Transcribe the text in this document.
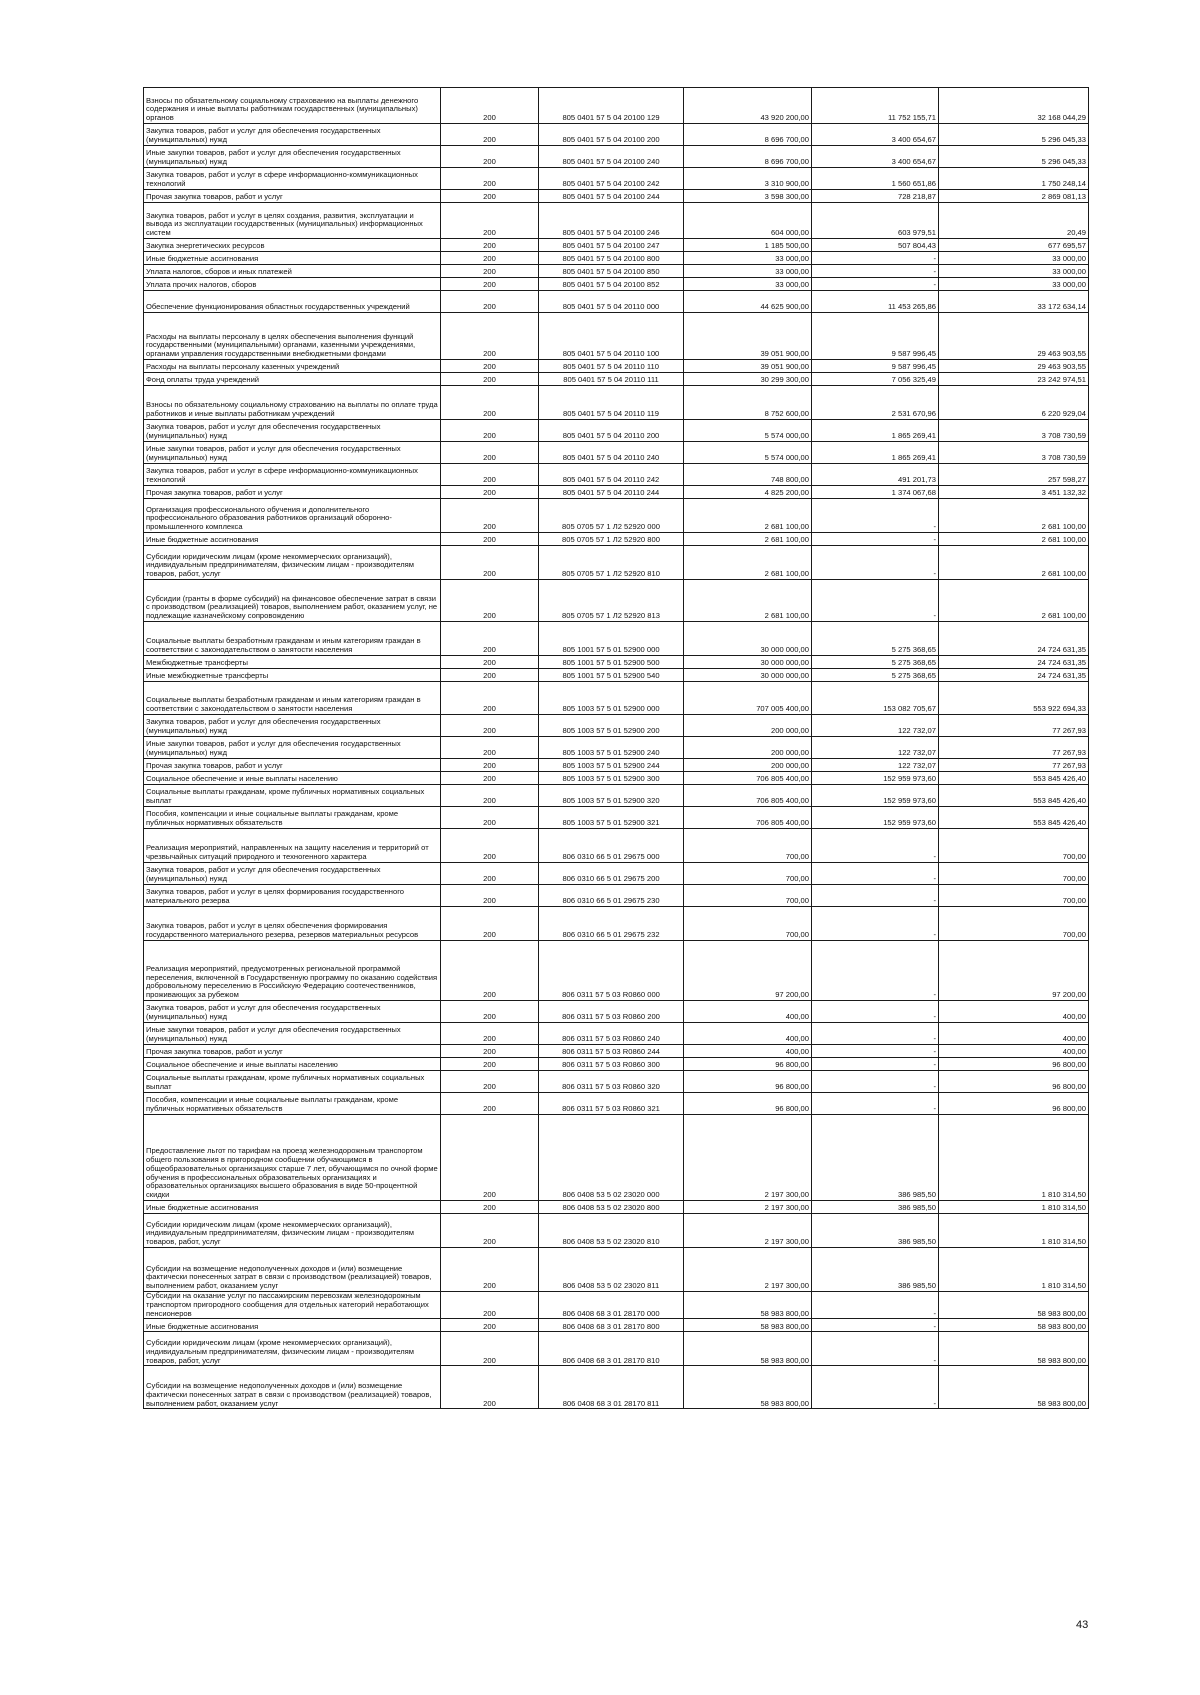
Взносы по обязательному социальному страхованию на выплаты денежного содержания и иные выплаты работникам государственных (муниципальных) органов	200	805 0401 57 5 04 20100 129	43 920 200,00	11 752 155,71	32 168 044,29
Закупка товаров, работ и услуг для обеспечения государственных (муниципальных) нужд	200	805 0401 57 5 04 20100 200	8 696 700,00	3 400 654,67	5 296 045,33
Иные закупки товаров, работ и услуг для обеспечения государственных (муниципальных) нужд	200	805 0401 57 5 04 20100 240	8 696 700,00	3 400 654,67	5 296 045,33
Закупка товаров, работ и услуг в сфере информационно-коммуникационных технологий	200	805 0401 57 5 04 20100 242	3 310 900,00	1 560 651,86	1 750 248,14
Прочая закупка товаров, работ и услуг	200	805 0401 57 5 04 20100 244	3 598 300,00	728 218,87	2 869 081,13
Закупка товаров, работ и услуг в целях создания, развития, эксплуатации и вывода из эксплуатации государственных (муниципальных) информационных систем	200	805 0401 57 5 04 20100 246	604 000,00	603 979,51	20,49
Закупка энергетических ресурсов	200	805 0401 57 5 04 20100 247	1 185 500,00	507 804,43	677 695,57
Иные бюджетные ассигнования	200	805 0401 57 5 04 20100 800	33 000,00	-	33 000,00
Уплата налогов, сборов и иных платежей	200	805 0401 57 5 04 20100 850	33 000,00	-	33 000,00
Уплата прочих налогов, сборов	200	805 0401 57 5 04 20100 852	33 000,00	-	33 000,00
Обеспечение функционирования областных государственных учреждений	200	805 0401 57 5 04 20110 000	44 625 900,00	11 453 265,86	33 172 634,14
Расходы на выплаты персоналу в целях обеспечения выполнения функций государственными (муниципальными) органами, казенными учреждениями, органами управления государственными внебюджетными фондами	200	805 0401 57 5 04 20110 100	39 051 900,00	9 587 996,45	29 463 903,55
Расходы на выплаты персоналу казенных учреждений	200	805 0401 57 5 04 20110 110	39 051 900,00	9 587 996,45	29 463 903,55
Фонд оплаты труда учреждений	200	805 0401 57 5 04 20110 111	30 299 300,00	7 056 325,49	23 242 974,51
Взносы по обязательному социальному страхованию на выплаты по оплате труда работников и иные выплаты работникам учреждений	200	805 0401 57 5 04 20110 119	8 752 600,00	2 531 670,96	6 220 929,04
Закупка товаров, работ и услуг для обеспечения государственных (муниципальных) нужд	200	805 0401 57 5 04 20110 200	5 574 000,00	1 865 269,41	3 708 730,59
Иные закупки товаров, работ и услуг для обеспечения государственных (муниципальных) нужд	200	805 0401 57 5 04 20110 240	5 574 000,00	1 865 269,41	3 708 730,59
Закупка товаров, работ и услуг в сфере информационно-коммуникационных технологий	200	805 0401 57 5 04 20110 242	748 800,00	491 201,73	257 598,27
Прочая закупка товаров, работ и услуг	200	805 0401 57 5 04 20110 244	4 825 200,00	1 374 067,68	3 451 132,32
Организация профессионального обучения и дополнительного профессионального образования работников организаций оборонно-промышленного комплекса	200	805 0705 57 1 Л2 52920 000	2 681 100,00	-	2 681 100,00
Иные бюджетные ассигнования	200	805 0705 57 1 Л2 52920 800	2 681 100,00	-	2 681 100,00
Субсидии юридическим лицам (кроме некоммерческих организаций), индивидуальным предпринимателям, физическим лицам - производителям товаров, работ, услуг	200	805 0705 57 1 Л2 52920 810	2 681 100,00	-	2 681 100,00
Субсидии (гранты в форме субсидий) на финансовое обеспечение затрат в связи с производством (реализацией) товаров, выполнением работ, оказанием услуг, не подлежащие казначейскому сопровождению	200	805 0705 57 1 Л2 52920 813	2 681 100,00	-	2 681 100,00
Социальные выплаты безработным гражданам и иным категориям граждан в соответствии с законодательством о занятости населения	200	805 1001 57 5 01 52900 000	30 000 000,00	5 275 368,65	24 724 631,35
Межбюджетные трансферты	200	805 1001 57 5 01 52900 500	30 000 000,00	5 275 368,65	24 724 631,35
Иные межбюджетные трансферты	200	805 1001 57 5 01 52900 540	30 000 000,00	5 275 368,65	24 724 631,35
Социальные выплаты безработным гражданам и иным категориям граждан в соответствии с законодательством о занятости населения	200	805 1003 57 5 01 52900 000	707 005 400,00	153 082 705,67	553 922 694,33
Закупка товаров, работ и услуг для обеспечения государственных (муниципальных) нужд	200	805 1003 57 5 01 52900 200	200 000,00	122 732,07	77 267,93
Иные закупки товаров, работ и услуг для обеспечения государственных (муниципальных) нужд	200	805 1003 57 5 01 52900 240	200 000,00	122 732,07	77 267,93
Прочая закупка товаров, работ и услуг	200	805 1003 57 5 01 52900 244	200 000,00	122 732,07	77 267,93
Социальное обеспечение и иные выплаты населению	200	805 1003 57 5 01 52900 300	706 805 400,00	152 959 973,60	553 845 426,40
Социальные выплаты гражданам, кроме публичных нормативных социальных выплат	200	805 1003 57 5 01 52900 320	706 805 400,00	152 959 973,60	553 845 426,40
Пособия, компенсации и иные социальные выплаты гражданам, кроме публичных нормативных обязательств	200	805 1003 57 5 01 52900 321	706 805 400,00	152 959 973,60	553 845 426,40
Реализация мероприятий, направленных на защиту населения и территорий от чрезвычайных ситуаций природного и техногенного характера	200	806 0310 66 5 01 29675 000	700,00	-	700,00
Закупка товаров, работ и услуг для обеспечения государственных (муниципальных) нужд	200	806 0310 66 5 01 29675 200	700,00	-	700,00
Закупка товаров, работ и услуг в целях формирования государственного материального резерва	200	806 0310 66 5 01 29675 230	700,00	-	700,00
Закупка товаров, работ и услуг в целях обеспечения формирования государственного материального резерва, резервов материальных ресурсов	200	806 0310 66 5 01 29675 232	700,00	-	700,00
Реализация мероприятий, предусмотренных региональной программой переселения, включенной в Государственную программу по оказанию содействия добровольному переселению в Российскую Федерацию соотечественников, проживающих за рубежом	200	806 0311 57 5 03 R0860 000	97 200,00	-	97 200,00
Закупка товаров, работ и услуг для обеспечения государственных (муниципальных) нужд	200	806 0311 57 5 03 R0860 200	400,00	-	400,00
Иные закупки товаров, работ и услуг для обеспечения государственных (муниципальных) нужд	200	806 0311 57 5 03 R0860 240	400,00	-	400,00
Прочая закупка товаров, работ и услуг	200	806 0311 57 5 03 R0860 244	400,00	-	400,00
Социальное обеспечение и иные выплаты населению	200	806 0311 57 5 03 R0860 300	96 800,00	-	96 800,00
Социальные выплаты гражданам, кроме публичных нормативных социальных выплат	200	806 0311 57 5 03 R0860 320	96 800,00	-	96 800,00
Пособия, компенсации и иные социальные выплаты гражданам, кроме публичных нормативных обязательств	200	806 0311 57 5 03 R0860 321	96 800,00	-	96 800,00
Предоставление льгот по тарифам на проезд железнодорожным транспортом общего пользования в пригородном сообщении обучающимся в общеобразовательных организациях старше 7 лет, обучающимся по очной форме обучения в профессиональных образовательных организациях и образовательных организациях высшего образования в виде 50-процентной скидки	200	806 0408 53 5 02 23020 000	2 197 300,00	386 985,50	1 810 314,50
Иные бюджетные ассигнования	200	806 0408 53 5 02 23020 800	2 197 300,00	386 985,50	1 810 314,50
Субсидии юридическим лицам (кроме некоммерческих организаций), индивидуальным предпринимателям, физическим лицам - производителям товаров, работ, услуг	200	806 0408 53 5 02 23020 810	2 197 300,00	386 985,50	1 810 314,50
Субсидии на возмещение недополученных доходов и (или) возмещение фактически понесенных затрат в связи с производством (реализацией) товаров, выполнением работ, оказанием услуг	200	806 0408 53 5 02 23020 811	2 197 300,00	386 985,50	1 810 314,50
Субсидии на оказание услуг по пассажирским перевозкам железнодорожным транспортом пригородного сообщения для отдельных категорий неработающих пенсионеров	200	806 0408 68 3 01 28170 000	58 983 800,00	-	58 983 800,00
Иные бюджетные ассигнования	200	806 0408 68 3 01 28170 800	58 983 800,00	-	58 983 800,00
Субсидии юридическим лицам (кроме некоммерческих организаций), индивидуальным предпринимателям, физическим лицам - производителям товаров, работ, услуг	200	806 0408 68 3 01 28170 810	58 983 800,00	-	58 983 800,00
Субсидии на возмещение недополученных доходов и (или) возмещение фактически понесенных затрат в связи с производством (реализацией) товаров, выполнением работ, оказанием услуг	200	806 0408 68 3 01 28170 811	58 983 800,00	-	58 983 800,00
43
